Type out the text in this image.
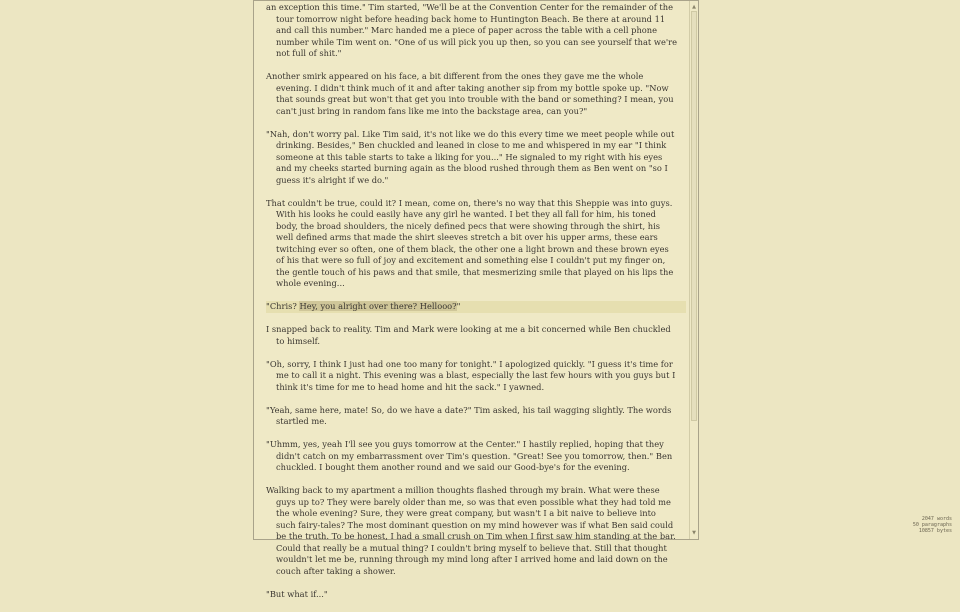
an exception this time." Tim started, "We'll be at the Convention Center for the remainder of the tour tomorrow night before heading back home to Huntington Beach. Be there at around 11 and call this number." Marc handed me a piece of paper across the table with a cell phone number while Tim went on. "One of us will pick you up then, so you can see yourself that we're not full of shit."

Another smirk appeared on his face, a bit different from the ones they gave me the whole evening. I didn't think much of it and after taking another sip from my bottle spoke up. "Now that sounds great but won't that get you into trouble with the band or something? I mean, you can't just bring in random fans like me into the backstage area, can you?"

"Nah, don't worry pal. Like Tim said, it's not like we do this every time we meet people while out drinking. Besides," Ben chuckled and leaned in close to me and whispered in my ear "I think someone at this table starts to take a liking for you..." He signaled to my right with his eyes and my cheeks started burning again as the blood rushed through them as Ben went on "so I guess it's alright if we do."

That couldn't be true, could it? I mean, come on, there's no way that this Sheppie was into guys. With his looks he could easily have any girl he wanted. I bet they all fall for him, his toned body, the broad shoulders, the nicely defined pecs that were showing through the shirt, his well defined arms that made the shirt sleeves stretch a bit over his upper arms, these ears twitching ever so often, one of them black, the other one a light brown and these brown eyes of his that were so full of joy and excitement and something else I couldn't put my finger on, the gentle touch of his paws and that smile, that mesmerizing smile that played on his lips the whole evening...

"Chris? Hey, you alright over there? Hellooo?"

I snapped back to reality. Tim and Mark were looking at me a bit concerned while Ben chuckled to himself.

"Oh, sorry, I think I just had one too many for tonight." I apologized quickly. "I guess it's time for me to call it a night. This evening was a blast, especially the last few hours with you guys but I think it's time for me to head home and hit the sack." I yawned.

"Yeah, same here, mate! So, do we have a date?" Tim asked, his tail wagging slightly. The words startled me.

"Uhmm, yes, yeah I'll see you guys tomorrow at the Center." I hastily replied, hoping that they didn't catch on my embarrassment over Tim's question. "Great! See you tomorrow, then." Ben chuckled. I bought them another round and we said our Good-bye's for the evening.

Walking back to my apartment a million thoughts flashed through my brain. What were these guys up to? They were barely older than me, so was that even possible what they had told me the whole evening? Sure, they were great company, but wasn't I a bit naive to believe into such fairy-tales? The most dominant question on my mind however was if what Ben said could be the truth. To be honest, I had a small crush on Tim when I first saw him standing at the bar. Could that really be a mutual thing? I couldn't bring myself to believe that. Still that thought wouldn't let me be, running through my mind long after I arrived home and laid down on the couch after taking a shower.

"But what if..."

▲
▼
2047 words
50 paragraphs
10857 bytes
